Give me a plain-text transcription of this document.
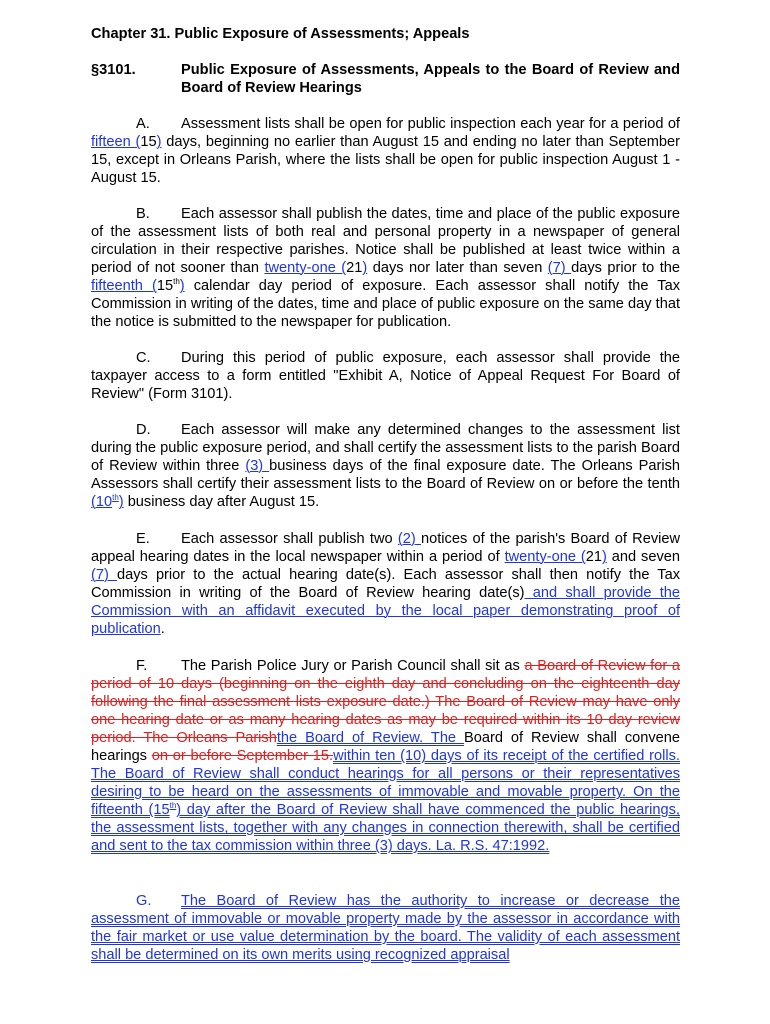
Chapter 31. Public Exposure of Assessments; Appeals
§3101.	Public Exposure of Assessments, Appeals to the Board of Review and Board of Review Hearings
A. Assessment lists shall be open for public inspection each year for a period of fifteen (15) days, beginning no earlier than August 15 and ending no later than September 15, except in Orleans Parish, where the lists shall be open for public inspection August 1 - August 15.
B. Each assessor shall publish the dates, time and place of the public exposure of the assessment lists of both real and personal property in a newspaper of general circulation in their respective parishes. Notice shall be published at least twice within a period of not sooner than twenty-one (21) days nor later than seven (7) days prior to the fifteenth (15th) calendar day period of exposure. Each assessor shall notify the Tax Commission in writing of the dates, time and place of public exposure on the same day that the notice is submitted to the newspaper for publication.
C. During this period of public exposure, each assessor shall provide the taxpayer access to a form entitled "Exhibit A, Notice of Appeal Request For Board of Review" (Form 3101).
D. Each assessor will make any determined changes to the assessment list during the public exposure period, and shall certify the assessment lists to the parish Board of Review within three (3) business days of the final exposure date. The Orleans Parish Assessors shall certify their assessment lists to the Board of Review on or before the tenth (10th) business day after August 15.
E. Each assessor shall publish two (2) notices of the parish's Board of Review appeal hearing dates in the local newspaper within a period of twenty-one (21) and seven (7) days prior to the actual hearing date(s). Each assessor shall then notify the Tax Commission in writing of the Board of Review hearing date(s) and shall provide the Commission with an affidavit executed by the local paper demonstrating proof of publication.
F. The Parish Police Jury or Parish Council shall sit as a Board of Review for a period of 10 days (beginning on the eighth day and concluding on the eighteenth day following the final assessment lists exposure date.) The Board of Review may have only one hearing date or as many hearing dates as may be required within its 10 day review period. The Orleans Parishthe Board of Review. The Board of Review shall convene hearings on or before September 15.within ten (10) days of its receipt of the certified rolls. The Board of Review shall conduct hearings for all persons or their representatives desiring to be heard on the assessments of immovable and movable property. On the fifteenth (15th) day after the Board of Review shall have commenced the public hearings, the assessment lists, together with any changes in connection therewith, shall be certified and sent to the tax commission within three (3) days. La. R.S. 47:1992.
G. The Board of Review has the authority to increase or decrease the assessment of immovable or movable property made by the assessor in accordance with the fair market or use value determination by the board. The validity of each assessment shall be determined on its own merits using recognized appraisal
